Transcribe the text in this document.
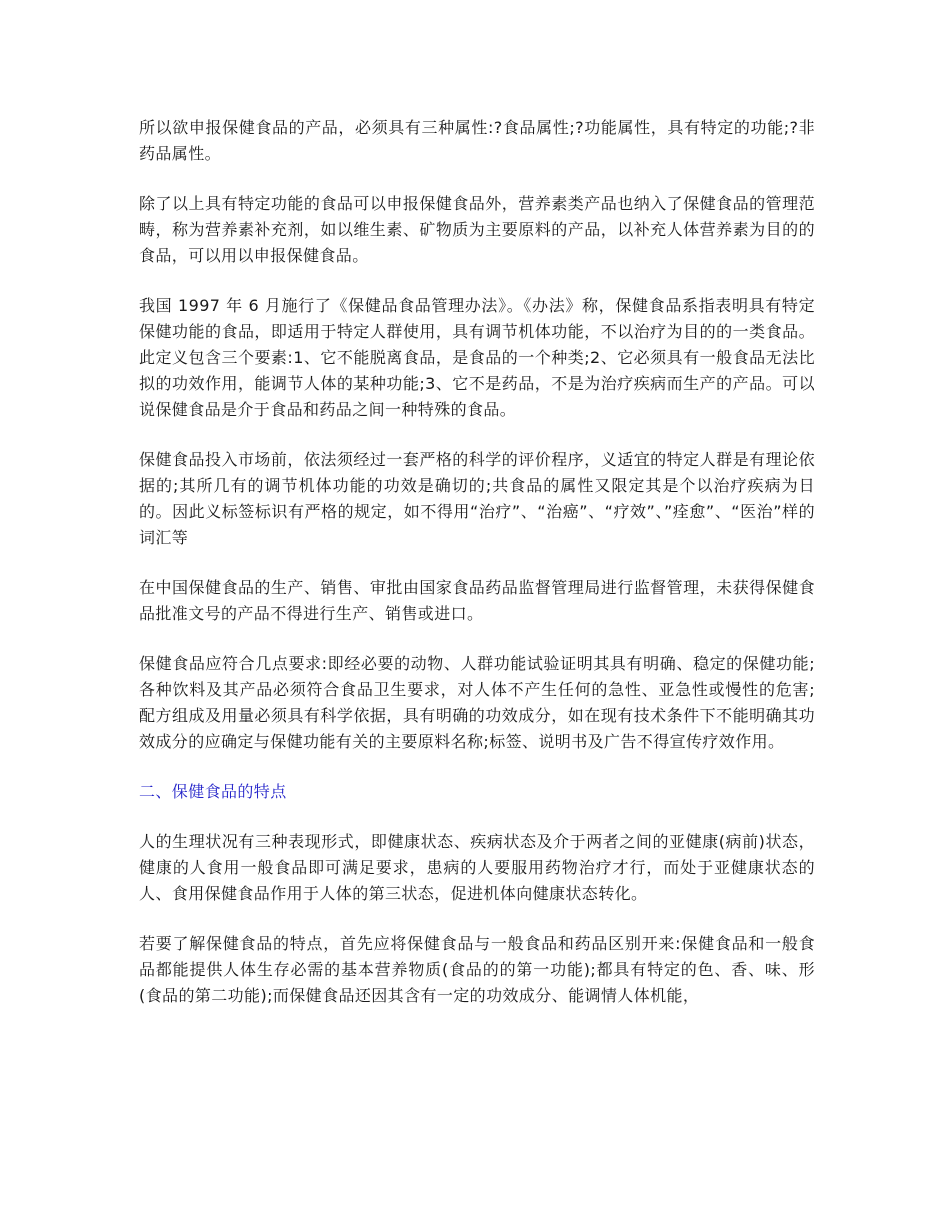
所以欲申报保健食品的产品，必须具有三种属性:?食品属性;?功能属性，具有特定的功能;?非药品属性。

除了以上具有特定功能的食品可以申报保健食品外，营养素类产品也纳入了保健食品的管理范畴，称为营养素补充剂，如以维生素、矿物质为主要原料的产品，以补充人体营养素为目的的食品，可以用以申报保健食品。

我国 1997 年 6 月施行了《保健品食品管理办法》。《办法》称，保健食品系指表明具有特定保健功能的食品，即适用于特定人群使用，具有调节机体功能，不以治疗为目的的一类食品。此定义包含三个要素:1、它不能脱离食品，是食品的一个种类;2、它必须具有一般食品无法比拟的功效作用，能调节人体的某种功能;3、它不是药品，不是为治疗疾病而生产的产品。可以说保健食品是介于食品和药品之间一种特殊的食品。

保健食品投入市场前，依法须经过一套严格的科学的评价程序，义适宜的特定人群是有理论依据的;其所几有的调节机体功能的功效是确切的;共食品的属性又限定其是个以治疗疾病为日的。因此义标签标识有严格的规定，如不得用“治疗”、“治癌”、“疗效”、”痊愈”、“医治”样的词汇等

在中国保健食品的生产、销售、审批由国家食品药品监督管理局进行监督管理，未获得保健食品批准文号的产品不得进行生产、销售或进口。

保健食品应符合几点要求:即经必要的动物、人群功能试验证明其具有明确、稳定的保健功能;各种饮料及其产品必须符合食品卫生要求，对人体不产生任何的急性、亚急性或慢性的危害;配方组成及用量必须具有科学依据，具有明确的功效成分，如在现有技术条件下不能明确其功效成分的应确定与保健功能有关的主要原料名称;标签、说明书及广告不得宣传疗效作用。

二、保健食品的特点

人的生理状况有三种表现形式，即健康状态、疾病状态及介于两者之间的亚健康(病前)状态，健康的人食用一般食品即可满足要求，患病的人要服用药物治疗才行，而处于亚健康状态的人、食用保健食品作用于人体的第三状态，促进机体向健康状态转化。

若要了解保健食品的特点，首先应将保健食品与一般食品和药品区别开来:保健食品和一般食品都能提供人体生存必需的基本营养物质(食品的的第一功能);都具有特定的色、香、味、形(食品的第二功能);而保健食品还因其含有一定的功效成分、能调情人体机能，
